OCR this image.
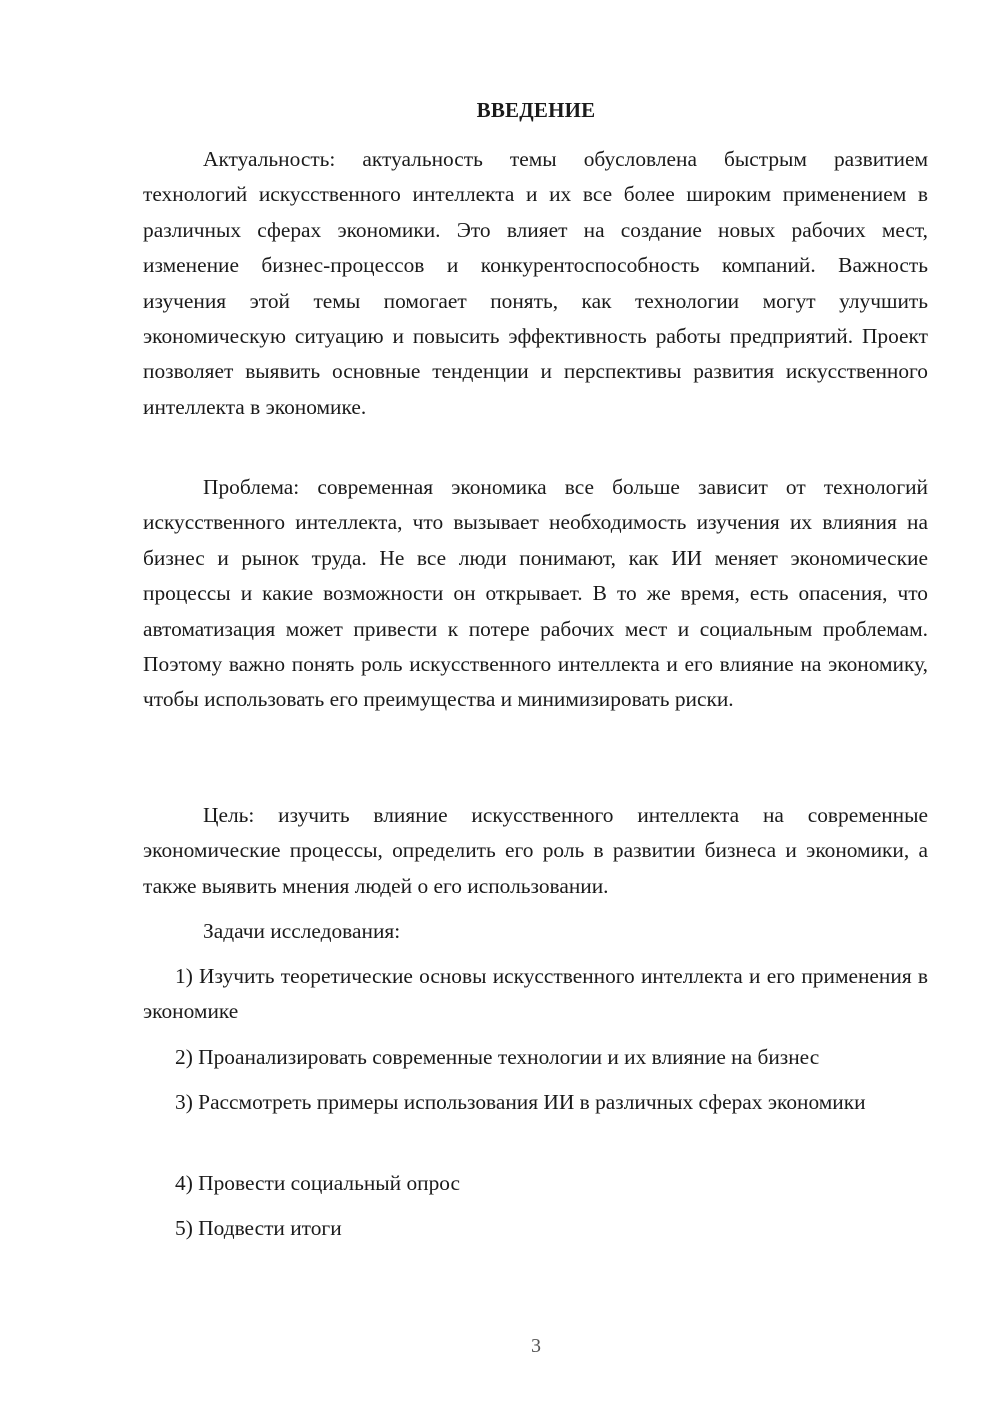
ВВЕДЕНИЕ

Актуальность: актуальность темы обусловлена быстрым развитием технологий искусственного интеллекта и их все более широким применением в различных сферах экономики. Это влияет на создание новых рабочих мест, изменение бизнес-процессов и конкурентоспособность компаний. Важность изучения этой темы помогает понять, как технологии могут улучшить экономическую ситуацию и повысить эффективность работы предприятий. Проект позволяет выявить основные тенденции и перспективы развития искусственного интеллекта в экономике.

Проблема: современная экономика все больше зависит от технологий искусственного интеллекта, что вызывает необходимость изучения их влияния на бизнес и рынок труда. Не все люди понимают, как ИИ меняет экономические процессы и какие возможности он открывает. В то же время, есть опасения, что автоматизация может привести к потере рабочих мест и социальным проблемам. Поэтому важно понять роль искусственного интеллекта и его влияние на экономику, чтобы использовать его преимущества и минимизировать риски.

Цель: изучить влияние искусственного интеллекта на современные экономические процессы, определить его роль в развитии бизнеса и экономики, а также выявить мнения людей о его использовании.

Задачи исследования:

1) Изучить теоретические основы искусственного интеллекта и его применения в экономике

2) Проанализировать современные технологии и их влияние на бизнес

3) Рассмотреть примеры использования ИИ в различных сферах экономики

4) Провести социальный опрос

5) Подвести итоги

3
